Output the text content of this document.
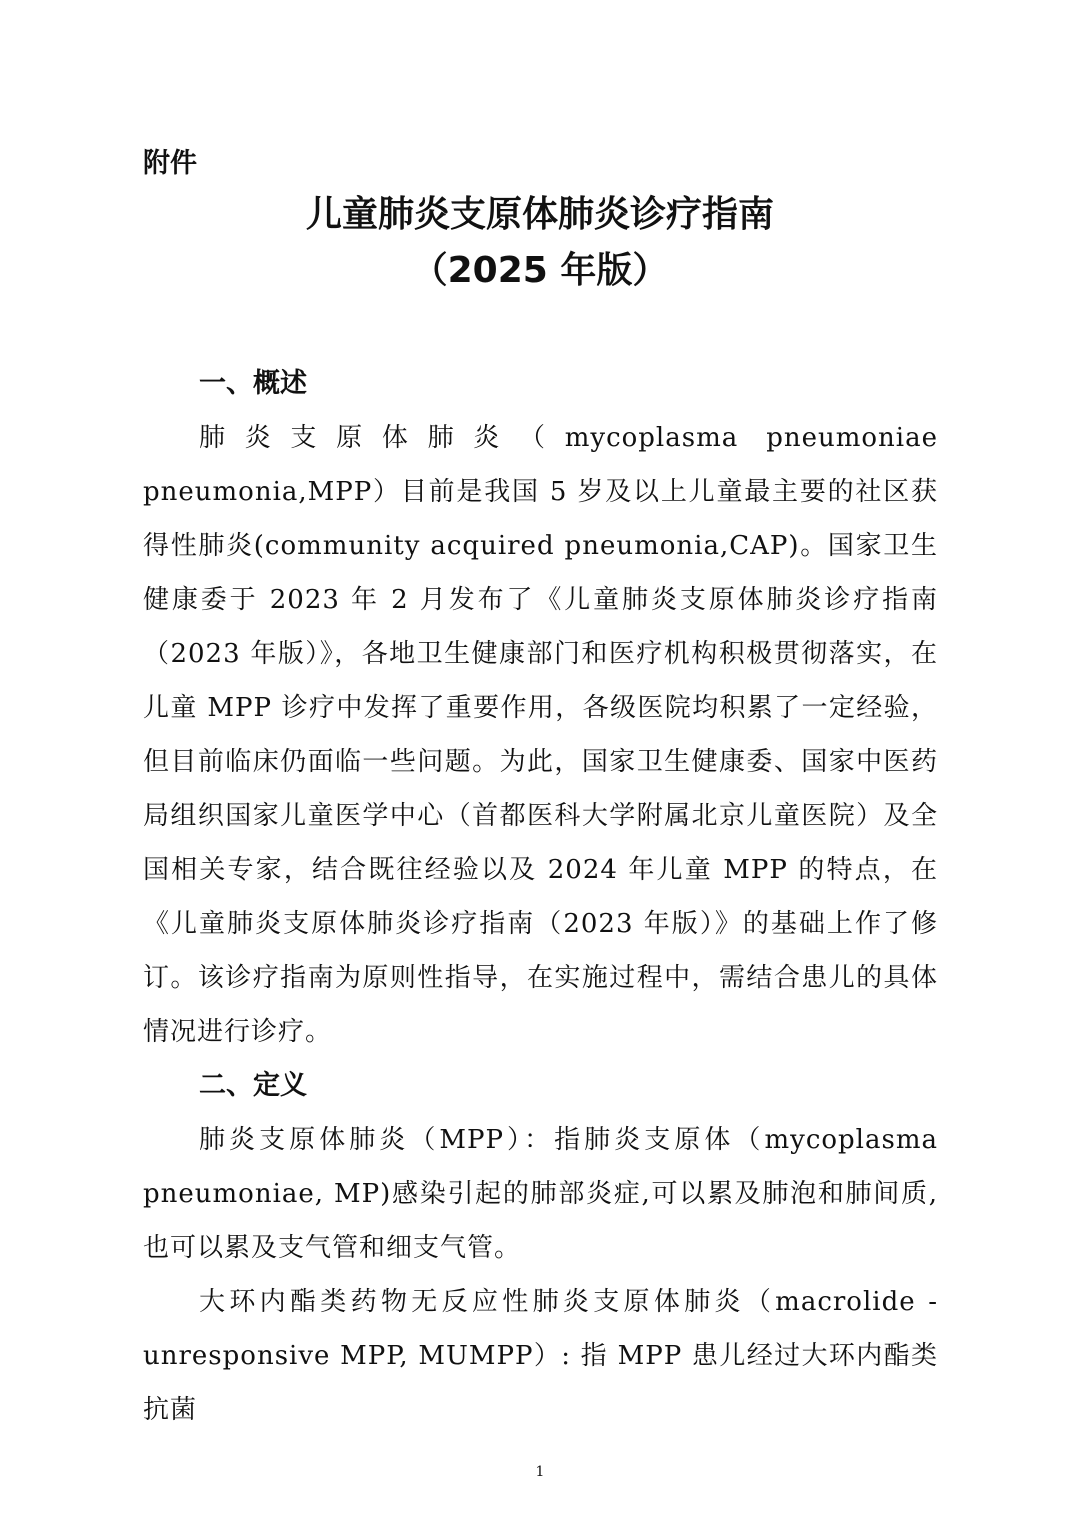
附件

儿童肺炎支原体肺炎诊疗指南
（2025 年版）
一、概述

肺炎支原体肺炎（mycoplasma pneumoniae pneumonia,MPP）目前是我国 5 岁及以上儿童最主要的社区获得性肺炎(community acquired pneumonia,CAP)。国家卫生健康委于 2023 年 2 月发布了《儿童肺炎支原体肺炎诊疗指南（2023 年版）》，各地卫生健康部门和医疗机构积极贯彻落实，在儿童 MPP 诊疗中发挥了重要作用，各级医院均积累了一定经验，但目前临床仍面临一些问题。为此，国家卫生健康委、国家中医药局组织国家儿童医学中心（首都医科大学附属北京儿童医院）及全国相关专家，结合既往经验以及 2024 年儿童 MPP 的特点，在《儿童肺炎支原体肺炎诊疗指南（2023 年版）》的基础上作了修订。该诊疗指南为原则性指导，在实施过程中，需结合患儿的具体情况进行诊疗。

二、定义

肺炎支原体肺炎（MPP）：指肺炎支原体（mycoplasma pneumoniae, MP)感染引起的肺部炎症,可以累及肺泡和肺间质,也可以累及支气管和细支气管。

大环内酯类药物无反应性肺炎支原体肺炎（macrolide -unresponsive MPP, MUMPP）: 指 MPP 患儿经过大环内酯类抗菌

1
